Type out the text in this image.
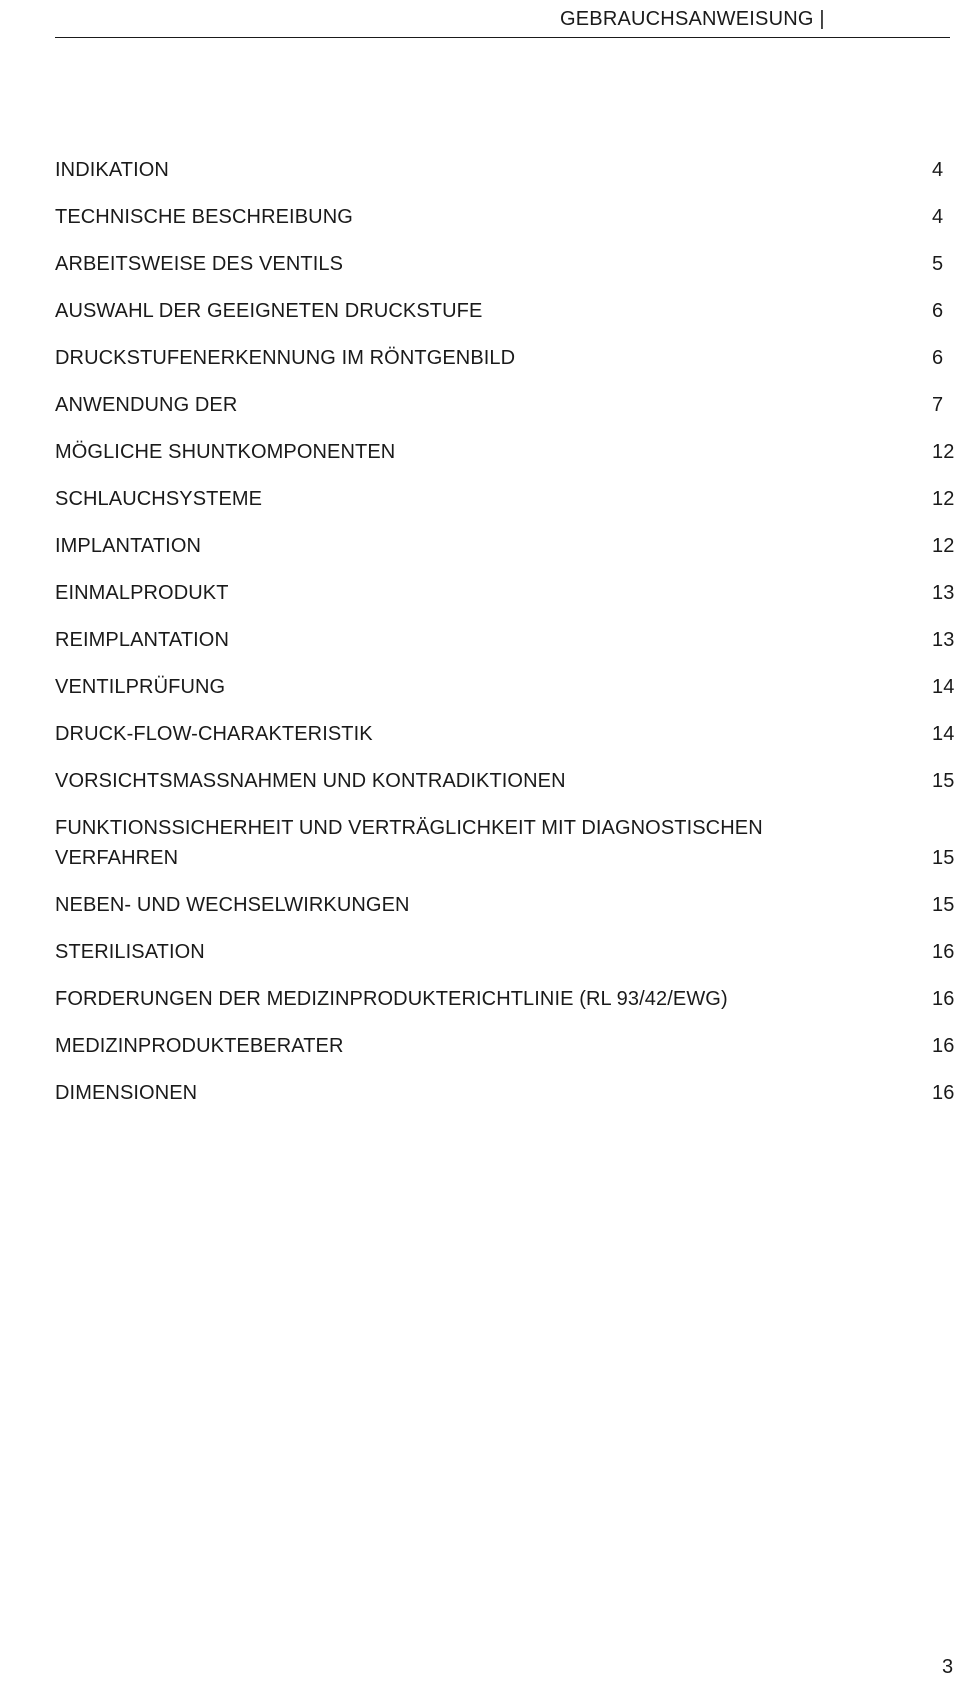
GEBRAUCHSANWEISUNG |
INDIKATION	4
TECHNISCHE BESCHREIBUNG	4
ARBEITSWEISE DES VENTILS	5
AUSWAHL DER GEEIGNETEN DRUCKSTUFE	6
DRUCKSTUFENERKENNUNG IM RÖNTGENBILD	6
ANWENDUNG DER	7
MÖGLICHE SHUNTKOMPONENTEN	12
SCHLAUCHSYSTEME	12
IMPLANTATION	12
EINMALPRODUKT	13
REIMPLANTATION	13
VENTILPRÜFUNG	14
DRUCK-FLOW-CHARAKTERISTIK	14
VORSICHTSMASSNAHMEN UND KONTRADIKTIONEN	15
FUNKTIONSSICHERHEIT UND VERTRÄGLICHKEIT MIT DIAGNOSTISCHEN VERFAHREN	15
NEBEN- UND WECHSELWIRKUNGEN	15
STERILISATION	16
FORDERUNGEN DER MEDIZINPRODUKTERICHTLINIE (RL 93/42/EWG)	16
MEDIZINPRODUKTEBERATER	16
DIMENSIONEN	16
3
